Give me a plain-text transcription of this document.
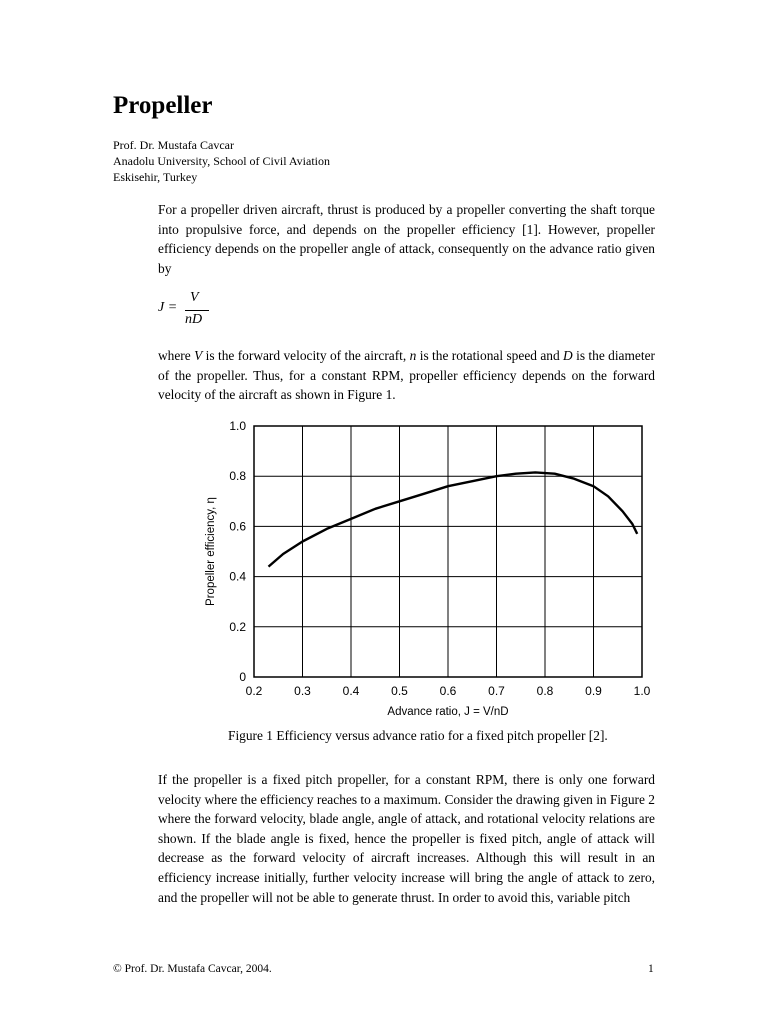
Propeller
Prof. Dr. Mustafa Cavcar
Anadolu University, School of Civil Aviation
Eskisehir, Turkey

For a propeller driven aircraft, thrust is produced by a propeller converting the shaft torque into propulsive force, and depends on the propeller efficiency [1]. However, propeller efficiency depends on the propeller angle of attack, consequently on the advance ratio given by

J =
V
nD

where V is the forward velocity of the aircraft, n is the rotational speed and D is the diameter of the propeller. Thus, for a constant RPM, propeller efficiency depends on the forward velocity of the aircraft as shown in Figure 1.

0.2	0.3	0.4	0.5	0.6	0.7	0.8	0.9	1.0
0
0.2
0.4
0.6
0.8
1.0
Advance ratio, J = V/nD
Propeller efficiency, η
Figure 1 Efficiency versus advance ratio for a fixed pitch propeller [2].

If the propeller is a fixed pitch propeller, for a constant RPM, there is only one forward velocity where the efficiency reaches to a maximum. Consider the drawing given in Figure 2 where the forward velocity, blade angle, angle of attack, and rotational velocity relations are shown. If the blade angle is fixed, hence the propeller is fixed pitch, angle of attack will decrease as the forward velocity of aircraft increases. Although this will result in an efficiency increase initially, further velocity increase will bring the angle of attack to zero, and the propeller will not be able to generate thrust. In order to avoid this, variable pitch

© Prof. Dr. Mustafa Cavcar, 2004.	1
